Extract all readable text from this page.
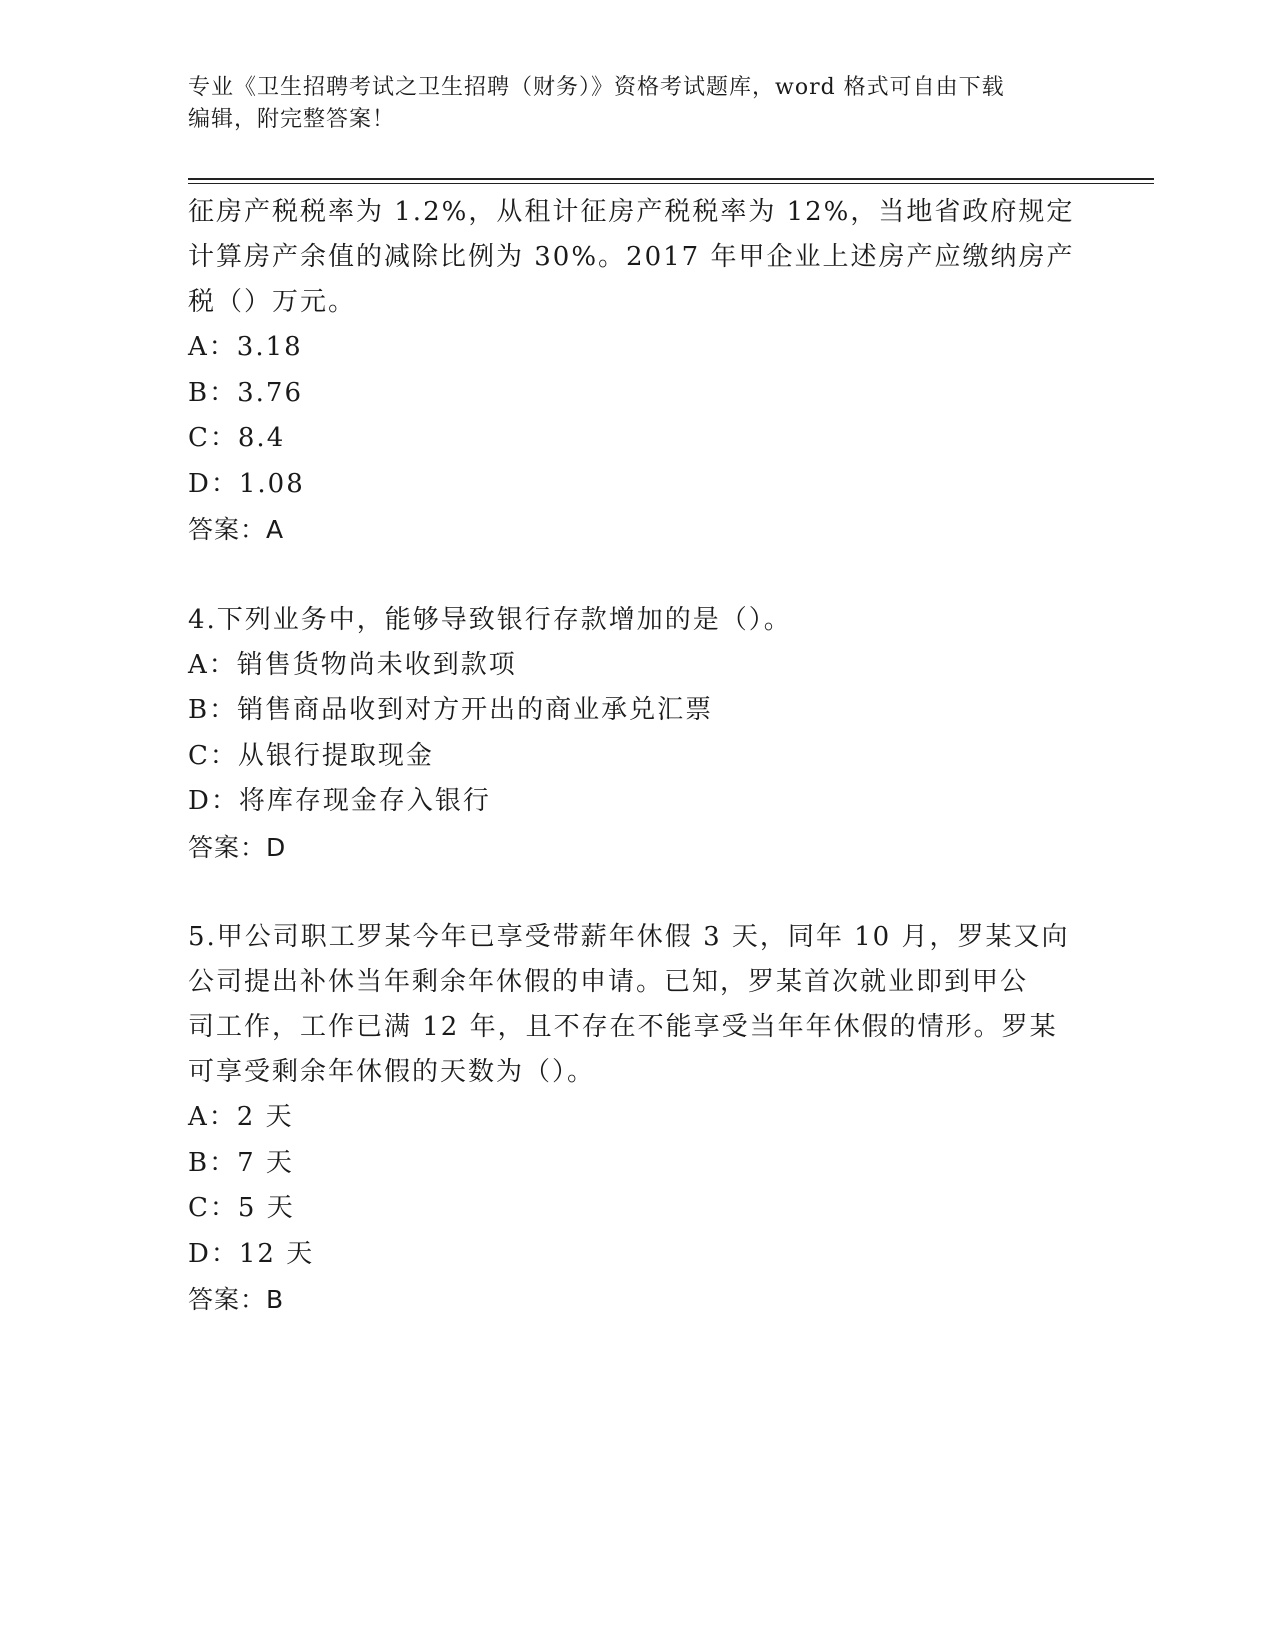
专业《卫生招聘考试之卫生招聘（财务）》资格考试题库，word 格式可自由下载
编辑，附完整答案！
征房产税税率为 1.2%，从租计征房产税税率为 12%，当地省政府规定
计算房产余值的减除比例为 30%。2017 年甲企业上述房产应缴纳房产
税（）万元。
A：3.18
B：3.76
C：8.4
D：1.08
答案：A
4.下列业务中，能够导致银行存款增加的是（）。
A：销售货物尚未收到款项
B：销售商品收到对方开出的商业承兑汇票
C：从银行提取现金
D：将库存现金存入银行
答案：D
5.甲公司职工罗某今年已享受带薪年休假 3 天，同年 10 月，罗某又向
公司提出补休当年剩余年休假的申请。已知，罗某首次就业即到甲公
司工作，工作已满 12 年，且不存在不能享受当年年休假的情形。罗某
可享受剩余年休假的天数为（）。
A：2 天
B：7 天
C：5 天
D：12 天
答案：B
